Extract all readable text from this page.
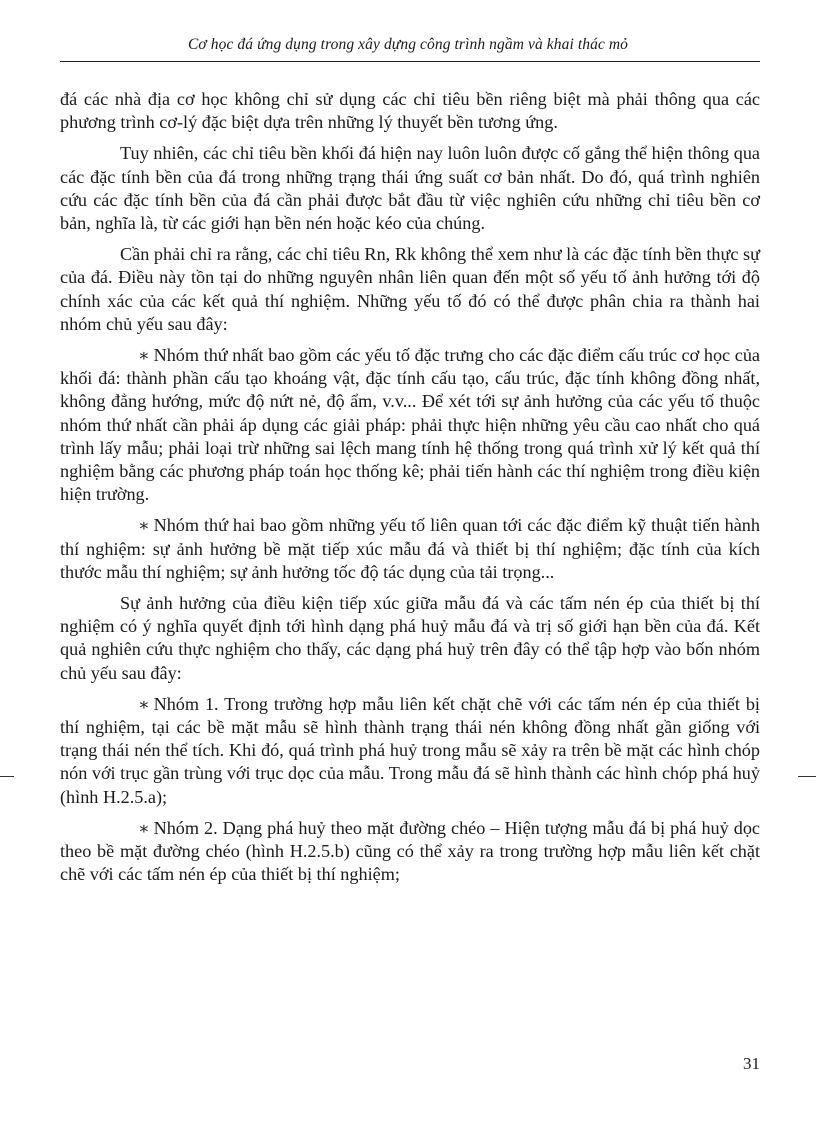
Cơ học đá ứng dụng trong xây dựng công trình ngầm và khai thác mỏ

đá các nhà địa cơ học không chỉ sử dụng các chỉ tiêu bền riêng biệt mà phải thông qua các phương trình cơ-lý đặc biệt dựa trên những lý thuyết bền tương ứng.

Tuy nhiên, các chỉ tiêu bền khối đá hiện nay luôn luôn được cố gắng thể hiện thông qua các đặc tính bền của đá trong những trạng thái ứng suất cơ bản nhất. Do đó, quá trình nghiên cứu các đặc tính bền của đá cần phải được bắt đầu từ việc nghiên cứu những chỉ tiêu bền cơ bản, nghĩa là, từ các giới hạn bền nén hoặc kéo của chúng.

Cần phải chỉ ra rằng, các chỉ tiêu Rn, Rk không thể xem như là các đặc tính bền thực sự của đá. Điều này tồn tại do những nguyên nhân liên quan đến một số yếu tố ảnh hưởng tới độ chính xác của các kết quả thí nghiệm. Những yếu tố đó có thể được phân chia ra thành hai nhóm chủ yếu sau đây:

∗ Nhóm thứ nhất bao gồm các yếu tố đặc trưng cho các đặc điểm cấu trúc cơ học của khối đá: thành phần cấu tạo khoáng vật, đặc tính cấu tạo, cấu trúc, đặc tính không đồng nhất, không đẳng hướng, mức độ nứt nẻ, độ ẩm, v.v... Để xét tới sự ảnh hưởng của các yếu tố thuộc nhóm thứ nhất cần phải áp dụng các giải pháp: phải thực hiện những yêu cầu cao nhất cho quá trình lấy mẫu; phải loại trừ những sai lệch mang tính hệ thống trong quá trình xử lý kết quả thí nghiệm bằng các phương pháp toán học thống kê; phải tiến hành các thí nghiệm trong điều kiện hiện trường.

∗ Nhóm thứ hai bao gồm những yếu tố liên quan tới các đặc điểm kỹ thuật tiến hành thí nghiệm: sự ảnh hưởng bề mặt tiếp xúc mẫu đá và thiết bị thí nghiệm; đặc tính của kích thước mẫu thí nghiệm; sự ảnh hưởng tốc độ tác dụng của tải trọng...

Sự ảnh hưởng của điều kiện tiếp xúc giữa mẫu đá và các tấm nén ép của thiết bị thí nghiệm có ý nghĩa quyết định tới hình dạng phá huỷ mẫu đá và trị số giới hạn bền của đá. Kết quả nghiên cứu thực nghiệm cho thấy, các dạng phá huỷ trên đây có thể tập hợp vào bốn nhóm chủ yếu sau đây:

∗ Nhóm 1. Trong trường hợp mẫu liên kết chặt chẽ với các tấm nén ép của thiết bị thí nghiệm, tại các bề mặt mẫu sẽ hình thành trạng thái nén không đồng nhất gần giống với trạng thái nén thể tích. Khi đó, quá trình phá huỷ trong mẫu sẽ xảy ra trên bề mặt các hình chóp nón với trục gần trùng với trục dọc của mẫu. Trong mẫu đá sẽ hình thành các hình chóp phá huỷ (hình H.2.5.a);

∗ Nhóm 2. Dạng phá huỷ theo mặt đường chéo – Hiện tượng mẫu đá bị phá huỷ dọc theo bề mặt đường chéo (hình H.2.5.b) cũng có thể xảy ra trong trường hợp mẫu liên kết chặt chẽ với các tấm nén ép của thiết bị thí nghiệm;

31
